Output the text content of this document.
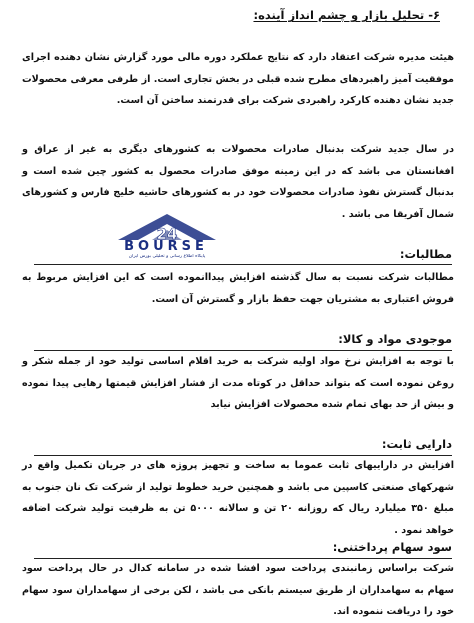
۶- تحلیل بازار و چشم انداز آینده:
هیئت مدیره شرکت اعتقاد دارد که نتایج عملکرد دوره مالی مورد گزارش نشان دهنده اجرای موفقیت آمیز راهبردهای مطرح شده قبلی در بخش تجاری است. از طرفی معرفی محصولات جدید نشان دهنده کارکرد راهبردی شرکت برای قدرتمند ساختن آن است.
در سال جدید شرکت بدنبال صادرات محصولات به کشورهای دیگری به غیر از عراق و افغانستان می باشد که در این زمینه موفق صادرات محصول به کشور چین شده است و بدنبال گسترش نفوذ صادرات محصولات خود در به کشورهای حاشیه خلیج فارس و کشورهای شمال آفریقا می باشد .
24
BOURSE
پایگاه اطلاع رسانی و تحلیلی بورس ایران	مطالبات:
مطالبات شرکت نسبت به سال گذشته افزایش پیداانموده است که این افزایش مربوط به فروش اعتباری به مشتریان جهت حفظ بازار و گسترش آن است.
موجودی مواد و کالا:
با توجه به افزایش نرخ مواد اولیه شرکت به خرید اقلام اساسی تولید خود از جمله شکر و روغن نموده است که بتواند حداقل در کوتاه مدت از فشار افزایش قیمتها رهایی پیدا نموده و بیش از حد بهای تمام شده محصولات افزایش نیابد
دارایی ثابت:
افزایش در داراییهای ثابت عموما به ساخت و تجهیز پروژه های در جریان تکمیل واقع در شهرکهای صنعتی کاسپین می باشد و همچنین خرید خطوط تولید از شرکت تک نان جنوب به مبلغ ۳۵۰ میلیارد ریال که روزانه ۲۰ تن و سالانه ۵۰۰۰ تن به ظرفیت تولید شرکت اضافه خواهد نمود .
سود سهام پرداختنی:
شرکت براساس زمانبندی پرداخت سود افشا شده در سامانه کدال در حال پرداخت سود سهام به سهامداران از طریق سیستم بانکی می باشد ، لکن برخی از سهامداران سود سهام خود را دریافت ننموده اند.
